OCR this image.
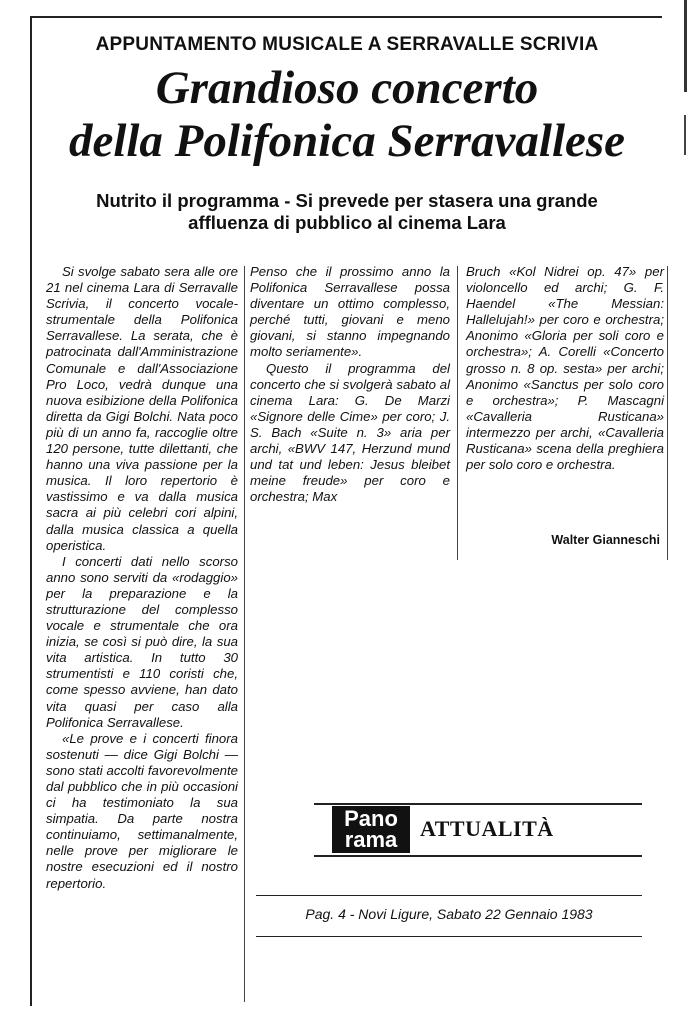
APPUNTAMENTO MUSICALE A SERRAVALLE SCRIVIA
Grandioso concerto
della Polifonica Serravallese
Nutrito il programma - Si prevede per stasera una grande
affluenza di pubblico al cinema Lara

Si svolge sabato sera alle ore 21 nel cinema Lara di Serravalle Scrivia, il concerto vocale-strumentale della Polifonica Serravallese. La serata, che è patrocinata dall'Amministrazione Comunale e dall'Associazione Pro Loco, vedrà dunque una nuova esibizione della Polifonica diretta da Gigi Bolchi. Nata poco più di un anno fa, raccoglie oltre 120 persone, tutte dilettanti, che hanno una viva passione per la musica. Il loro repertorio è vastissimo e va dalla musica sacra ai più celebri cori alpini, dalla musica classica a quella operistica.

I concerti dati nello scorso anno sono serviti da «rodaggio» per la preparazione e la strutturazione del complesso vocale e strumentale che ora inizia, se così si può dire, la sua vita artistica. In tutto 30 strumentisti e 110 coristi che, come spesso avviene, han dato vita quasi per caso alla Polifonica Serravallese.

«Le prove e i concerti finora sostenuti — dice Gigi Bolchi — sono stati accolti favorevolmente dal pubblico che in più occasioni ci ha testimoniato la sua simpatia. Da parte nostra continuiamo, settimanalmente, nelle prove per migliorare le nostre esecuzioni ed il nostro repertorio.

Penso che il prossimo anno la Polifonica Serravallese possa diventare un ottimo complesso, perché tutti, giovani e meno giovani, si stanno impegnando molto seriamente».

Questo il programma del concerto che si svolgerà sabato al cinema Lara: G. De Marzi «Signore delle Cime» per coro; J. S. Bach «Suite n. 3» aria per archi, «BWV 147, Herzund mund und tat und leben: Jesus bleibet meine freude» per coro e orchestra; Max

Bruch «Kol Nidrei op. 47» per violoncello ed archi; G. F. Haendel «The Messian: Hallelujah!» per coro e orchestra; Anonimo «Gloria per soli coro e orchestra»; A. Corelli «Concerto grosso n. 8 op. sesta» per archi; Anonimo «Sanctus per solo coro e orchestra»; P. Mascagni «Cavalleria Rusticana» intermezzo per archi, «Cavalleria Rusticana» scena della preghiera per solo coro e orchestra.

Walter Gianneschi
Pano
rama	ATTUALITÀ
Pag. 4 - Novi Ligure, Sabato 22 Gennaio 1983
